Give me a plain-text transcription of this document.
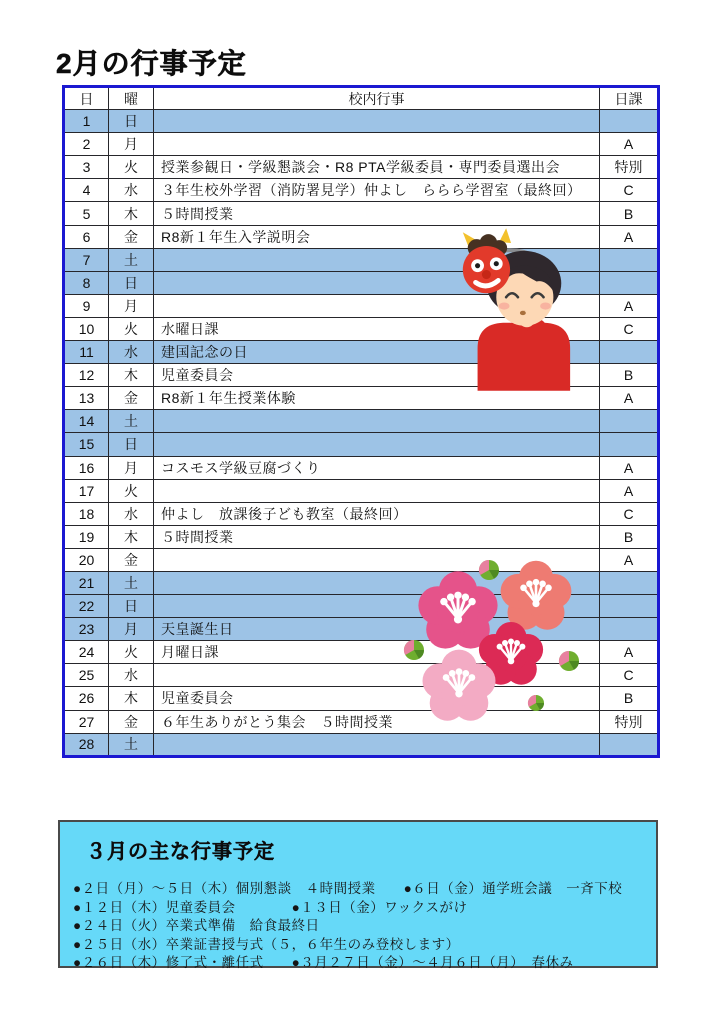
2月の行事予定
日	曜	校内行事	日課
1	日		
2	月		A
3	火	授業参観日・学級懇談会・R8 PTA学級委員・専門委員選出会	特別
4	水	３年生校外学習（消防署見学）仲よし　ららら学習室（最終回）	C
5	木	５時間授業	B
6	金	R8新１年生入学説明会	A
7	土		
8	日		
9	月		A
10	火	水曜日課	C
11	水	建国記念の日	
12	木	児童委員会	B
13	金	R8新１年生授業体験	A
14	土		
15	日		
16	月	コスモス学級豆腐づくり	A
17	火		A
18	水	仲よし　放課後子ども教室（最終回）	C
19	木	５時間授業	B
20	金		A
21	土		
22	日		
23	月	天皇誕生日	
24	火	月曜日課	A
25	水		C
26	木	児童委員会	B
27	金	６年生ありがとう集会　５時間授業	特別
28	土		
３月の主な行事予定
●２日（月）～５日（木）個別懇談　４時間授業　　●６日（金）通学班会議　一斉下校
●１２日（木）児童委員会　　　　●１３日（金）ワックスがけ
●２４日（火）卒業式準備　給食最終日
●２５日（水）卒業証書授与式（５，６年生のみ登校します）
●２６日（木）修了式・離任式　　●３月２７日（金）～４月６日（月）　春休み
